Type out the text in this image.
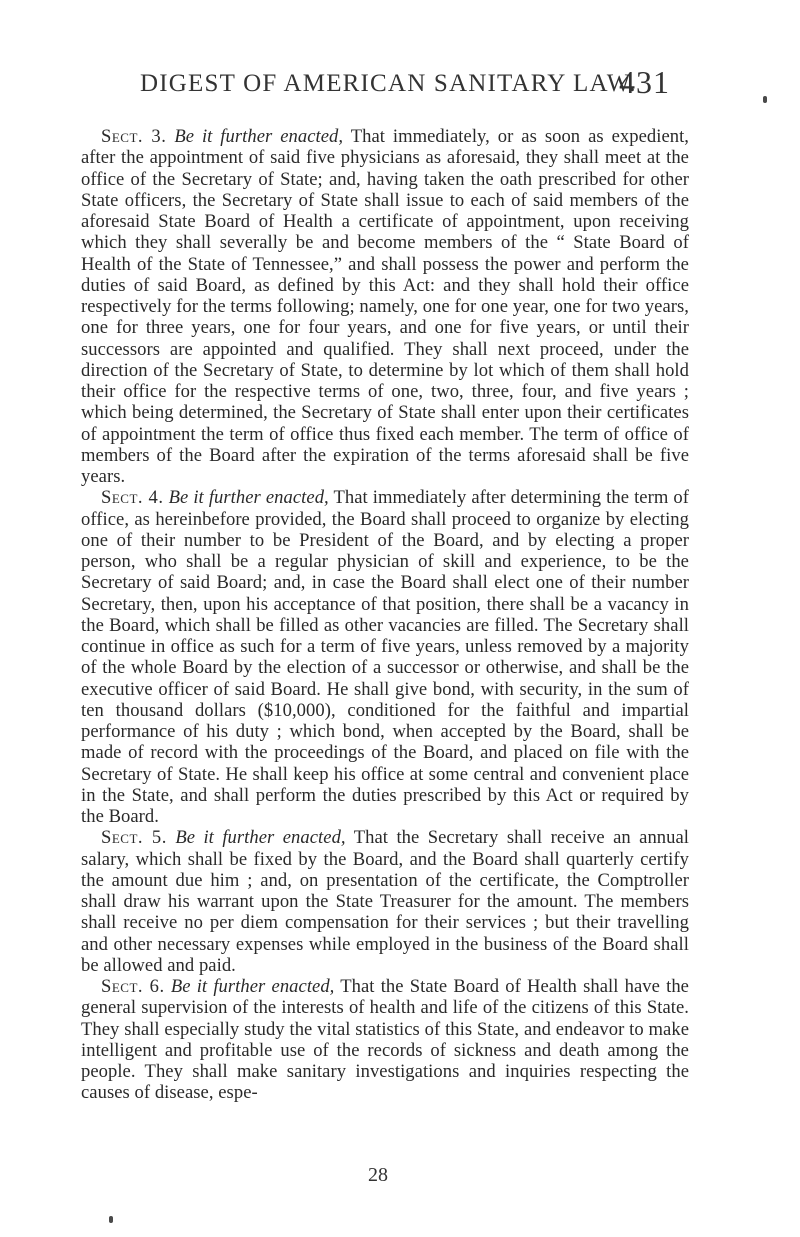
DIGEST OF AMERICAN SANITARY LAW.
431

Sect. 3. Be it further enacted, That immediately, or as soon as expedient, after the appointment of said five physicians as aforesaid, they shall meet at the office of the Secretary of State; and, having taken the oath prescribed for other State officers, the Secretary of State shall issue to each of said members of the aforesaid State Board of Health a certificate of appointment, upon receiving which they shall severally be and become members of the “ State Board of Health of the State of Tennessee,” and shall possess the power and perform the duties of said Board, as defined by this Act: and they shall hold their office respectively for the terms following; namely, one for one year, one for two years, one for three years, one for four years, and one for five years, or until their successors are appointed and qualified. They shall next proceed, under the direction of the Secretary of State, to determine by lot which of them shall hold their office for the respective terms of one, two, three, four, and five years ; which being determined, the Secretary of State shall enter upon their certificates of appointment the term of office thus fixed each member. The term of office of members of the Board after the expiration of the terms aforesaid shall be five years.

Sect. 4. Be it further enacted, That immediately after determining the term of office, as hereinbefore provided, the Board shall proceed to organize by electing one of their number to be President of the Board, and by electing a proper person, who shall be a regular physician of skill and experience, to be the Secretary of said Board; and, in case the Board shall elect one of their number Secretary, then, upon his acceptance of that position, there shall be a vacancy in the Board, which shall be filled as other vacancies are filled. The Secretary shall continue in office as such for a term of five years, unless removed by a majority of the whole Board by the election of a successor or otherwise, and shall be the executive officer of said Board. He shall give bond, with security, in the sum of ten thousand dollars ($10,000), conditioned for the faithful and impartial performance of his duty ; which bond, when accepted by the Board, shall be made of record with the proceedings of the Board, and placed on file with the Secretary of State. He shall keep his office at some central and convenient place in the State, and shall perform the duties prescribed by this Act or required by the Board.

Sect. 5. Be it further enacted, That the Secretary shall receive an annual salary, which shall be fixed by the Board, and the Board shall quarterly certify the amount due him ; and, on presentation of the certificate, the Comptroller shall draw his warrant upon the State Treasurer for the amount. The members shall receive no per diem compensation for their services ; but their travelling and other necessary expenses while employed in the business of the Board shall be allowed and paid.

Sect. 6. Be it further enacted, That the State Board of Health shall have the general supervision of the interests of health and life of the citizens of this State. They shall especially study the vital statistics of this State, and endeavor to make intelligent and profitable use of the records of sickness and death among the people. They shall make sanitary investigations and inquiries respecting the causes of disease, espe-

28
